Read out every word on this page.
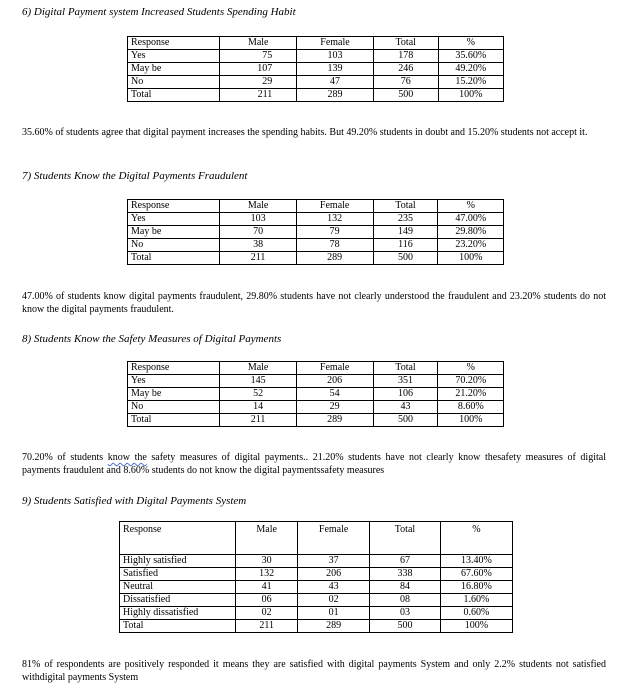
6) Digital Payment system Increased Students Spending Habit
Response	Male	Female	Total	%
Yes	75	103	178	35.60%
May be	107	139	246	49.20%
No	29	47	76	15.20%
Total	211	289	500	100%
35.60% of students agree that digital payment increases the spending habits. But 49.20% students in doubt and 15.20% students not accept it.
7) Students Know the Digital Payments Fraudulent
Response	Male	Female	Total	%
Yes	103	132	235	47.00%
May be	70	79	149	29.80%
No	38	78	116	23.20%
Total	211	289	500	100%
47.00% of students know digital payments fraudulent, 29.80% students have not clearly understood the fraudulent and 23.20% students do not know the digital payments fraudulent.
8) Students Know the Safety Measures of Digital Payments
Response	Male	Female	Total	%
Yes	145	206	351	70.20%
May be	52	54	106	21.20%
No	14	29	43	8.60%
Total	211	289	500	100%
70.20% of students know the safety measures of digital payments.. 21.20% students have not clearly know thesafety measures of digital payments fraudulent and 8.60% students do not know the digital paymentssafety measures
9) Students Satisfied with Digital Payments System
Response	Male	Female	Total	%
Highly satisfied	30	37	67	13.40%
Satisfied	132	206	338	67.60%
Neutral	41	43	84	16.80%
Dissatisfied	06	02	08	1.60%
Highly dissatisfied	02	01	03	0.60%
Total	211	289	500	100%
81% of respondents are positively responded it means they are satisfied with digital payments System and only 2.2% students not satisfied withdigital payments System
